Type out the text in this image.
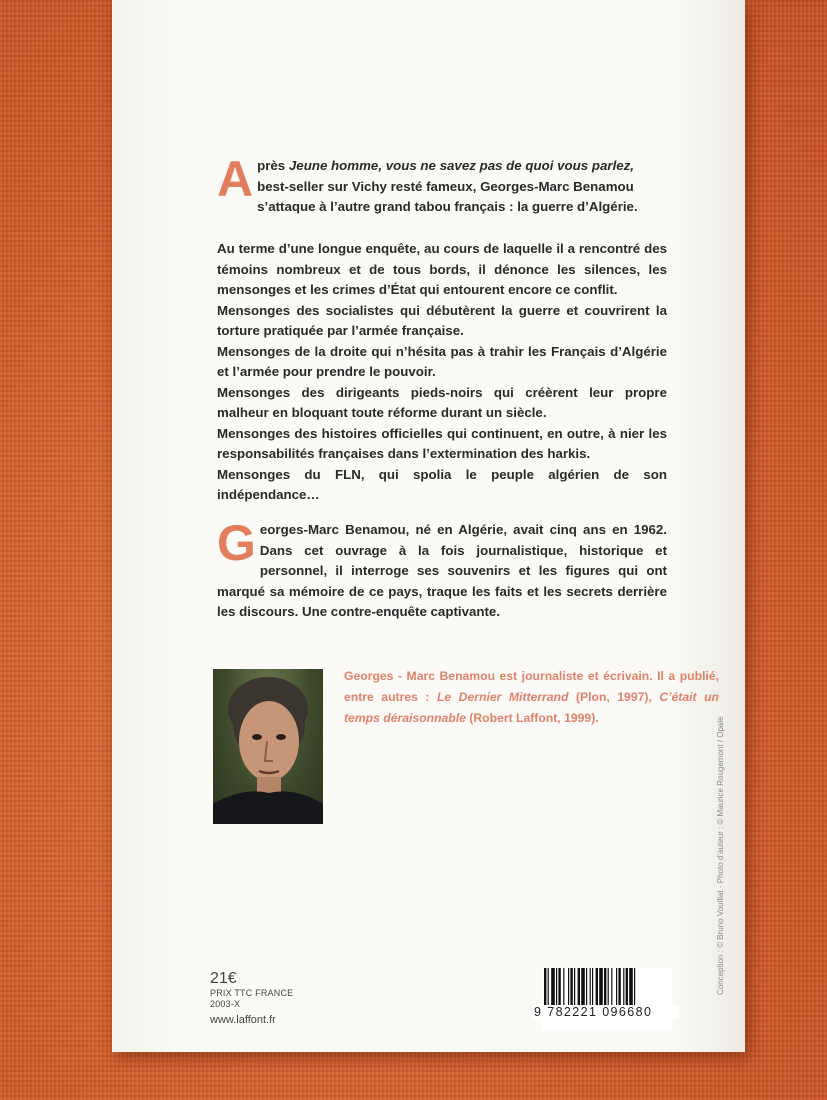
A près Jeune homme, vous ne savez pas de quoi vous parlez,
best-seller sur Vichy resté fameux, Georges-Marc Benamou
s’attaque à l’autre grand tabou français : la guerre d’Algérie.

Au terme d’une longue enquête, au cours de laquelle il a rencontré des témoins nombreux et de tous bords, il dénonce les silences, les mensonges et les crimes d’État qui entourent encore ce conflit.

Mensonges des socialistes qui débutèrent la guerre et couvrirent la torture pratiquée par l’armée française.

Mensonges de la droite qui n’hésita pas à trahir les Français d’Algérie et l’armée pour prendre le pouvoir.

Mensonges des dirigeants pieds-noirs qui créèrent leur propre malheur en bloquant toute réforme durant un siècle.

Mensonges des histoires officielles qui continuent, en outre, à nier les responsabilités françaises dans l’extermination des harkis.

Mensonges du FLN, qui spolia le peuple algérien de son indépendance…

G eorges-Marc Benamou, né en Algérie, avait cinq ans en 1962. Dans cet ouvrage à la fois journalistique, historique et personnel, il interroge ses souvenirs et les figures qui ont marqué sa mémoire de ce pays, traque les faits et les secrets derrière les discours. Une contre-enquête captivante.

Georges - Marc Benamou est journaliste et écrivain. Il a publié, entre autres : Le Dernier Mitterrand (Plon, 1997), C’était un temps déraisonnable (Robert Laffont, 1999).

21€
PRIX TTC FRANCE
2003-X
www.laffont.fr
9 782221 096680
Conception : © Bruno Vouillat · Photo d’auteur : © Maurice Rougemont / Opale
